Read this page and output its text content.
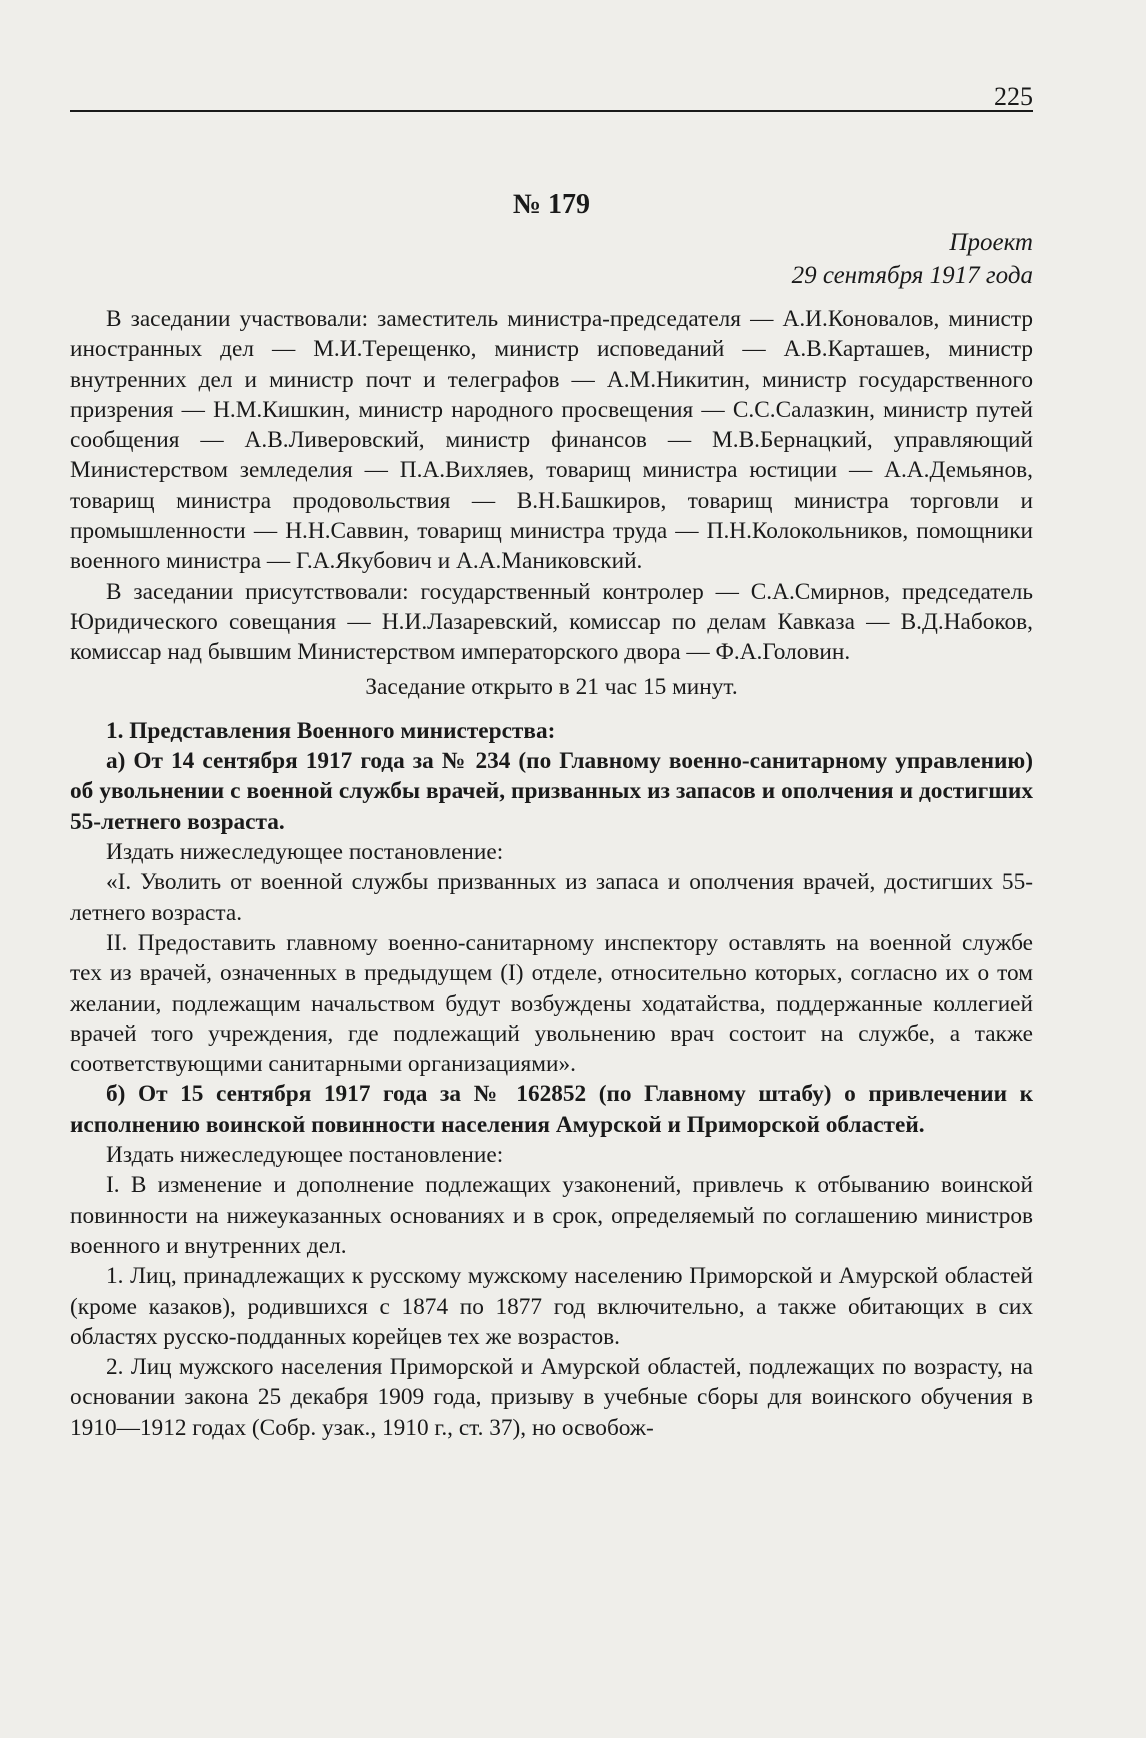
225
№ 179
Проект
29 сентября 1917 года

В заседании участвовали: заместитель министра-председателя — А.И.Коновалов, министр иностранных дел — М.И.Терещенко, министр исповеданий — А.В.Карташев, министр внутренних дел и министр почт и телеграфов — А.М.Никитин, министр государственного призрения — Н.М.Кишкин, министр народного просвещения — С.С.Салазкин, министр путей сообщения — А.В.Ливеровский, министр финансов — М.В.Бернацкий, управляющий Министерством земледелия — П.А.Вихляев, товарищ министра юстиции — А.А.Демьянов, товарищ министра продовольствия — В.Н.Башкиров, товарищ министра торговли и промышленности — Н.Н.Саввин, товарищ министра труда — П.Н.Колокольников, помощники военного министра — Г.А.Якубович и А.А.Маниковский.

В заседании присутствовали: государственный контролер — С.А.Смирнов, председатель Юридического совещания — Н.И.Лазаревский, комиссар по делам Кавказа — В.Д.Набоков, комиссар над бывшим Министерством императорского двора — Ф.А.Головин.

Заседание открыто в 21 час 15 минут.

1. Представления Военного министерства:

а) От 14 сентября 1917 года за № 234 (по Главному военно-санитарному управлению) об увольнении с военной службы врачей, призванных из запасов и ополчения и достигших 55-летнего возраста.

Издать нижеследующее постановление:

«I. Уволить от военной службы призванных из запаса и ополчения врачей, достигших 55-летнего возраста.

II. Предоставить главному военно-санитарному инспектору оставлять на военной службе тех из врачей, означенных в предыдущем (I) отделе, относительно которых, согласно их о том желании, подлежащим начальством будут возбуждены ходатайства, поддержанные коллегией врачей того учреждения, где подлежащий увольнению врач состоит на службе, а также соответствующими санитарными организациями».

б) От 15 сентября 1917 года за № 162852 (по Главному штабу) о привлечении к исполнению воинской повинности населения Амурской и Приморской областей.

Издать нижеследующее постановление:

I. В изменение и дополнение подлежащих узаконений, привлечь к отбыванию воинской повинности на нижеуказанных основаниях и в срок, определяемый по соглашению министров военного и внутренних дел.

1. Лиц, принадлежащих к русскому мужскому населению Приморской и Амурской областей (кроме казаков), родившихся с 1874 по 1877 год включительно, а также обитающих в сих областях русско-подданных корейцев тех же возрастов.

2. Лиц мужского населения Приморской и Амурской областей, подлежащих по возрасту, на основании закона 25 декабря 1909 года, призыву в учебные сборы для воинского обучения в 1910—1912 годах (Собр. узак., 1910 г., ст. 37), но освобож-
